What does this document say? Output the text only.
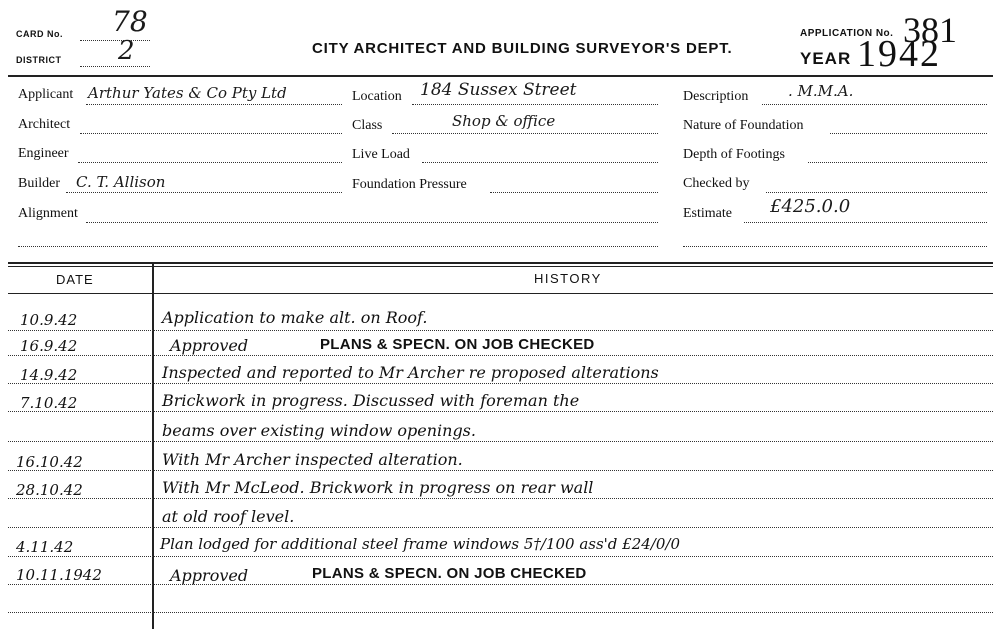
CARD No. 78
DISTRICT 2	CITY ARCHITECT AND BUILDING SURVEYOR'S DEPT.
APPLICATION No. 381
YEAR 1942
Applicant Arthur Yates & Co Pty Ltd
Architect
Engineer
Builder C. T. Allison
Alignment
Location 184 Sussex Street
Class	Shop & office
Live Load
Foundation Pressure
Description	. M.M.A.
Nature of Foundation
Depth of Footings
Checked by
Estimate £425.0.0
DATE	HISTORY
10.9.42	Application to make alt. on Roof.
16.9.42	Approved	PLANS & SPECN. ON JOB CHECKED
14.9.42	Inspected and reported to Mr Archer re proposed alterations
7.10.42	Brickwork in progress. Discussed with foreman the
beams over existing window openings.
16.10.42	With Mr Archer inspected alteration.
28.10.42	With Mr McLeod. Brickwork in progress on rear wall
at old roof level.
4.11.42	Plan lodged for additional steel frame windows 5†/100 ass'd £24/0/0
10.11.1942	Approved	PLANS & SPECN. ON JOB CHECKED
